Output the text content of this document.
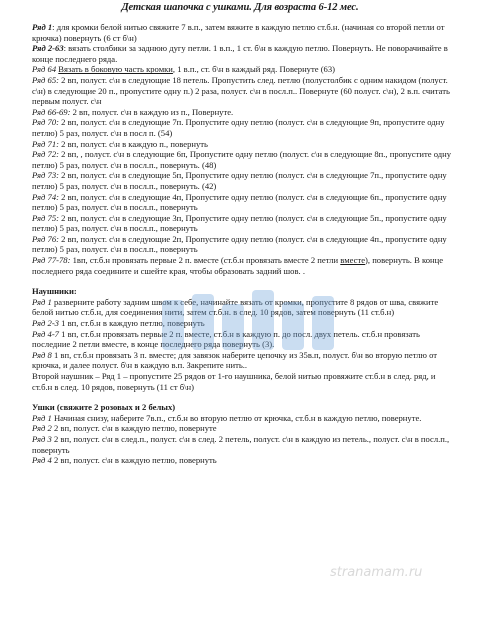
Детская шапочка с ушками. Для возраста 6-12 мес.

Ряд 1: для кромки белой нитью свяжите 7 в.п., затем вяжите в каждую петлю ст.б.н. (начиная со второй петли от крючка) повернуть (6 ст б\н)

Ряд 2-63: вязать столбики за заднюю дугу петли. 1 в.п., 1 ст. б\н в каждую петлю. Повернуть. Не поворачивайте в конце последнего ряда.

Ряд 64 Вязать в боковую часть кромки, 1 в.п., ст. б\н в каждый ряд. Повернуте (63)

Ряд 65: 2 вп, полуст. с\н в следующие 18 петель. Пропустить след. петлю (полустолбик с одним накидом (полуст. с\н) в следующие 20 п., пропустите одну п.) 2 раза, полуст. с\н в посл.п.. Повернуте (60 полуст. с\н), 2 в.п. считать первым полуст. с\н

Ряд 66-69: 2 вп, полуст. с\н в каждую из п., Повернуте.

Ряд 70: 2 вп, полуст. с\н в следующие 7п. Пропустите одну петлю (полуст. с\н в следующие 9п, пропустите одну петлю) 5 раз, полуст. с\н в посл п. (54)

Ряд 71: 2 вп, полуст. с\н в каждую п., повернуть

Ряд 72: 2 вп, , полуст. с\н в следующие 6п, Пропустите одну петлю (полуст. с\н в следующие 8п., пропустите одну петлю) 5 раз, полуст. с\н в посл.п., повернуть. (48)

Ряд 73: 2 вп, полуст. с\н в следующие 5п, Пропустите одну петлю (полуст. с\н в следующие 7п., пропустите одну петлю) 5 раз, полуст. с\н в посл.п., повернуть. (42)

Ряд 74: 2 вп, полуст. с\н в следующие 4п, Пропустите одну петлю (полуст. с\н в следующие 6п., пропустите одну петлю) 5 раз, полуст. с\н в посл.п., повернуть

Ряд 75: 2 вп, полуст. с\н в следующие 3п, Пропустите одну петлю (полуст. с\н в следующие 5п., пропустите одну петлю) 5 раз, полуст. с\н в посл.п., повернуть

Ряд 76: 2 вп, полуст. с\н в следующие 2п, Пропустите одну петлю (полуст. с\н в следующие 4п., пропустите одну петлю) 5 раз, полуст. с\н в посл.п., повернуть

Ряд 77-78: 1вп, ст.б.н провязать первые 2 п. вместе (ст.б.н провязать вместе 2 петли вместе), повернуть. В конце последнего ряда соедините и сшейте края, чтобы образовать задний шов. .

Наушники:

Ряд 1 разверните работу задним швом к себе, начинайте вязать от кромки, пропустите 8 рядов от шва, свяжите белой нитью ст.б.н, для соединения нити, затем ст.б.н. в след. 10 рядов, затем повернуть (11 ст.б.н)

Ряд 2-3 1 вп, ст.б.н в каждую петлю, повернуть

Ряд 4-7 1 вп, ст.б.н провязать первые 2 п. вместе, ст.б.н в каждую п. до посл. двух петель. ст.б.н провязать последние 2 петли вместе, в конце последнего ряда повернуть (3).

Ряд 8 1 вп, ст.б.н провязать 3 п. вместе; для завязок наберите цепочку из 35в.п, полуст. б\н во вторую петлю от крючка, и далее полуст. б\н в каждую в.п. Закрепите нить..

Второй наушник – Ряд 1 – пропустите 25 рядов от 1-го наушника, белой нитью провяжите ст.б.н в след. ряд, и ст.б.н в след. 10 рядов, повернуть (11 ст б\н)

Ушки (свяжите 2 розовых и 2 белых)

Ряд 1 Начиная снизу, наберите 7в.п., ст.б.н во вторую петлю от крючка, ст.б.н в каждую петлю, повернуте.

Ряд 2 2 вп, полуст. с\н в каждую петлю, повернуте

Ряд 3 2 вп, полуст. с\н в след.п., полуст. с\н в след. 2 петель, полуст. с\н в каждую из петель., полуст. с\н в посл.п., повернуть

Ряд 4 2 вп, полуст. с\н в каждую петлю, повернуть

stranamam.ru
